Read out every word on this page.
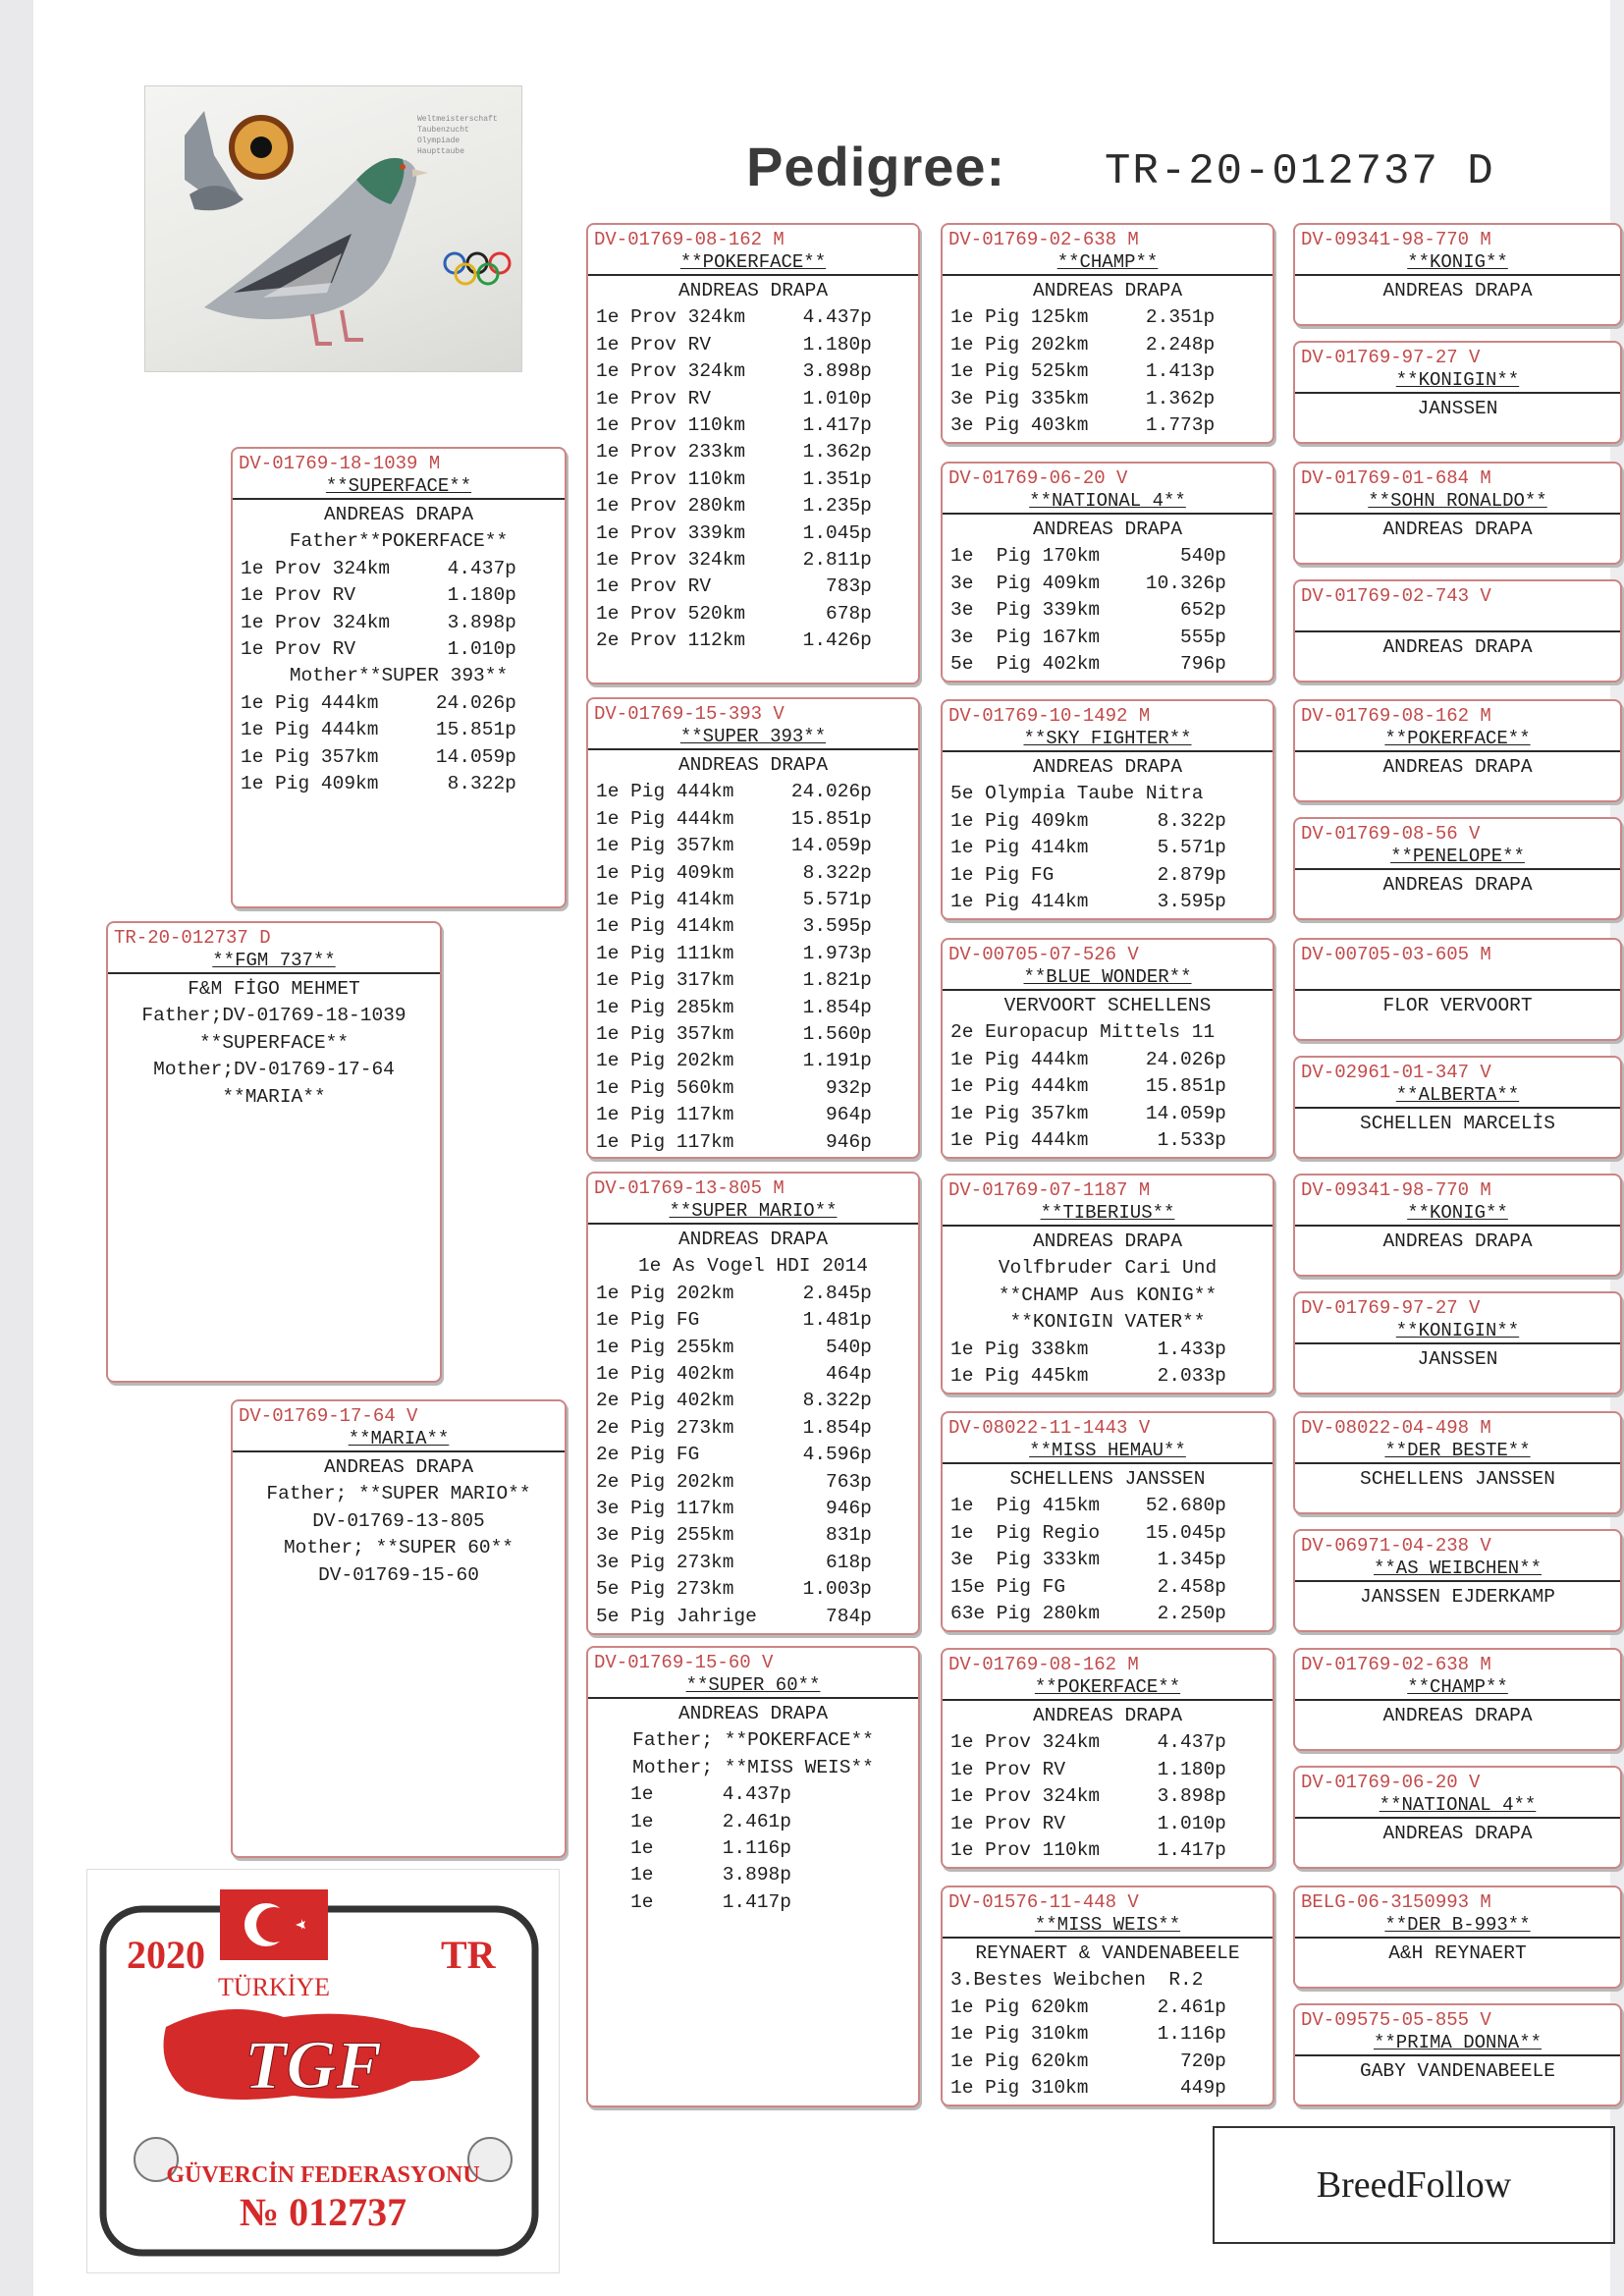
Weltmeisterschaft Taubenzucht
Olympiade
Haupttaube	Pedigree: TR-20-012737 D
DV-01769-18-1039 M
**SUPERFACE**
ANDREAS DRAPA
Father**POKERFACE**
1e Prov 324km     4.437p
1e Prov RV        1.180p
1e Prov 324km     3.898p
1e Prov RV        1.010p
Mother**SUPER 393**
1e Pig 444km     24.026p
1e Pig 444km     15.851p
1e Pig 357km     14.059p
1e Pig 409km      8.322p
TR-20-012737 D
**FGM 737**
F&M FİGO MEHMET
Father;DV-01769-18-1039
**SUPERFACE**
Mother;DV-01769-17-64
**MARIA**
DV-01769-17-64 V
**MARIA**
ANDREAS DRAPA
Father; **SUPER MARIO**
DV-01769-13-805
Mother; **SUPER 60**
DV-01769-15-60
DV-01769-08-162 M
**POKERFACE**
ANDREAS DRAPA
1e Prov 324km     4.437p
1e Prov RV        1.180p
1e Prov 324km     3.898p
1e Prov RV        1.010p
1e Prov 110km     1.417p
1e Prov 233km     1.362p
1e Prov 110km     1.351p
1e Prov 280km     1.235p
1e Prov 339km     1.045p
1e Prov 324km     2.811p
1e Prov RV          783p
1e Prov 520km       678p
2e Prov 112km     1.426p
DV-01769-15-393 V
**SUPER 393**
ANDREAS DRAPA
1e Pig 444km     24.026p
1e Pig 444km     15.851p
1e Pig 357km     14.059p
1e Pig 409km      8.322p
1e Pig 414km      5.571p
1e Pig 414km      3.595p
1e Pig 111km      1.973p
1e Pig 317km      1.821p
1e Pig 285km      1.854p
1e Pig 357km      1.560p
1e Pig 202km      1.191p
1e Pig 560km        932p
1e Pig 117km        964p
1e Pig 117km        946p
DV-01769-13-805 M
**SUPER MARIO**
ANDREAS DRAPA
1e As Vogel HDI 2014
1e Pig 202km      2.845p
1e Pig FG         1.481p
1e Pig 255km        540p
1e Pig 402km        464p
2e Pig 402km      8.322p
2e Pig 273km      1.854p
2e Pig FG         4.596p
2e Pig 202km        763p
3e Pig 117km        946p
3e Pig 255km        831p
3e Pig 273km        618p
5e Pig 273km      1.003p
5e Pig Jahrige      784p
DV-01769-15-60 V
**SUPER 60**
ANDREAS DRAPA
Father; **POKERFACE**
Mother; **MISS WEIS**
1e      4.437p
1e      2.461p
1e      1.116p
1e      3.898p
1e      1.417p
DV-01769-02-638 M
**CHAMP**
ANDREAS DRAPA
1e Pig 125km     2.351p
1e Pig 202km     2.248p
1e Pig 525km     1.413p
3e Pig 335km     1.362p
3e Pig 403km     1.773p
DV-01769-06-20 V
**NATIONAL 4**
ANDREAS DRAPA
1e  Pig 170km       540p
3e  Pig 409km    10.326p
3e  Pig 339km       652p
3e  Pig 167km       555p
5e  Pig 402km       796p
DV-01769-10-1492 M
**SKY FIGHTER**
ANDREAS DRAPA
5e Olympia Taube Nitra
1e Pig 409km      8.322p
1e Pig 414km      5.571p
1e Pig FG         2.879p
1e Pig 414km      3.595p
DV-00705-07-526 V
**BLUE WONDER**
VERVOORT SCHELLENS
2e Europacup Mittels 11
1e Pig 444km     24.026p
1e Pig 444km     15.851p
1e Pig 357km     14.059p
1e Pig 444km      1.533p
DV-01769-07-1187 M
**TIBERIUS**
ANDREAS DRAPA
Volfbruder Cari Und
**CHAMP Aus KONIG**
**KONIGIN VATER**
1e Pig 338km      1.433p
1e Pig 445km      2.033p
DV-08022-11-1443 V
**MISS HEMAU**
SCHELLENS JANSSEN
1e  Pig 415km    52.680p
1e  Pig Regio    15.045p
3e  Pig 333km     1.345p
15e Pig FG        2.458p
63e Pig 280km     2.250p
DV-01769-08-162 M
**POKERFACE**
ANDREAS DRAPA
1e Prov 324km     4.437p
1e Prov RV        1.180p
1e Prov 324km     3.898p
1e Prov RV        1.010p
1e Prov 110km     1.417p
DV-01576-11-448 V
**MISS WEIS**
REYNAERT & VANDENABEELE
3.Bestes Weibchen  R.2
1e Pig 620km      2.461p
1e Pig 310km      1.116p
1e Pig 620km        720p
1e Pig 310km        449p
DV-09341-98-770 M
**KONIG**
ANDREAS DRAPA
DV-01769-97-27 V
**KONIGIN**
JANSSEN
DV-01769-01-684 M
**SOHN RONALDO**
ANDREAS DRAPA
DV-01769-02-743 V
ANDREAS DRAPA
DV-01769-08-162 M
**POKERFACE**
ANDREAS DRAPA
DV-01769-08-56 V
**PENELOPE**
ANDREAS DRAPA
DV-00705-03-605 M
FLOR VERVOORT
DV-02961-01-347 V
**ALBERTA**
SCHELLEN MARCELİS
DV-09341-98-770 M
**KONIG**
ANDREAS DRAPA
DV-01769-97-27 V
**KONIGIN**
JANSSEN
DV-08022-04-498 M
**DER BESTE**
SCHELLENS JANSSEN
DV-06971-04-238 V
**AS WEIBCHEN**
JANSSEN EJDERKAMP
DV-01769-02-638 M
**CHAMP**
ANDREAS DRAPA
DV-01769-06-20 V
**NATIONAL 4**
ANDREAS DRAPA
BELG-06-3150993 M
**DER B-993**
A&H REYNAERT
DV-09575-05-855 V
**PRIMA DONNA**
GABY VANDENABEELE
2020	TR
TÜRKİYE
TGF
GÜVERCİN FEDERASYONU
№ 012737
BreedFollow
